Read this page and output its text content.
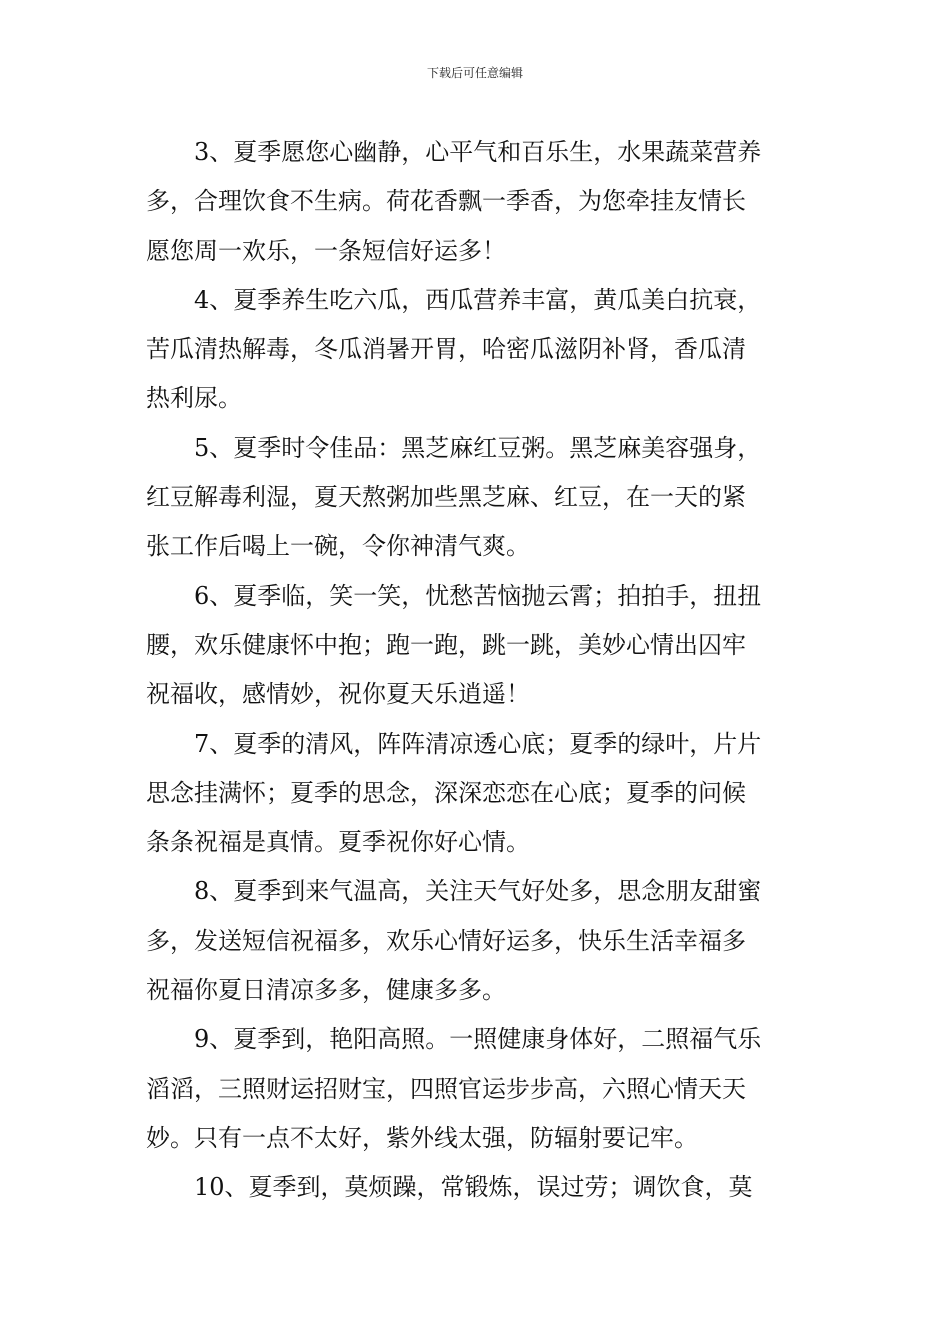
下载后可任意编辑

3、夏季愿您心幽静，心平气和百乐生，水果蔬菜营养
多，合理饮食不生病。荷花香飘一季香，为您牵挂友情长
愿您周一欢乐，一条短信好运多！

4、夏季养生吃六瓜，西瓜营养丰富，黄瓜美白抗衰，
苦瓜清热解毒，冬瓜消暑开胃，哈密瓜滋阴补肾，香瓜清
热利尿。

5、夏季时令佳品：黑芝麻红豆粥。黑芝麻美容强身，
红豆解毒利湿，夏天熬粥加些黑芝麻、红豆，在一天的紧
张工作后喝上一碗，令你神清气爽。

6、夏季临，笑一笑，忧愁苦恼抛云霄；拍拍手，扭扭
腰，欢乐健康怀中抱；跑一跑，跳一跳，美妙心情出囚牢
祝福收，感情妙，祝你夏天乐逍遥！

7、夏季的清风，阵阵清凉透心底；夏季的绿叶，片片
思念挂满怀；夏季的思念，深深恋恋在心底；夏季的问候
条条祝福是真情。夏季祝你好心情。

8、夏季到来气温高，关注天气好处多，思念朋友甜蜜
多，发送短信祝福多，欢乐心情好运多，快乐生活幸福多
祝福你夏日清凉多多，健康多多。

9、夏季到，艳阳高照。一照健康身体好，二照福气乐
滔滔，三照财运招财宝，四照官运步步高，六照心情天天
妙。只有一点不太好，紫外线太强，防辐射要记牢。

10、夏季到，莫烦躁，常锻炼，误过劳；调饮食，莫
